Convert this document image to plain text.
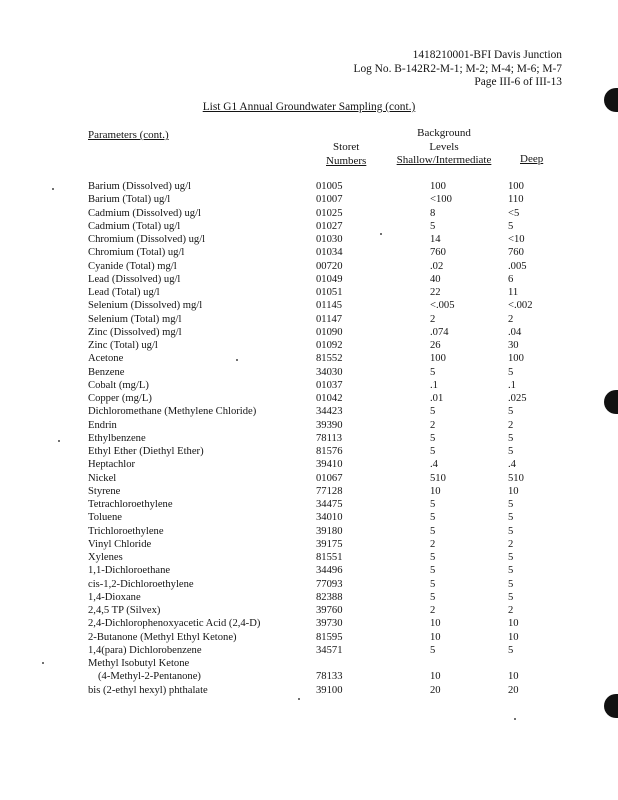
1418210001-BFI Davis Junction
Log No. B-142R2-M-1; M-2; M-4; M-6; M-7
Page III-6 of III-13
List G1 Annual Groundwater Sampling (cont.)
Parameters (cont.)
Storet
Numbers
Background
Levels
Shallow/Intermediate	Deep
Barium (Dissolved) ug/l	01005	100	100
Barium (Total) ug/l	01007	<100	110
Cadmium (Dissolved) ug/l	01025	8	<5
Cadmium (Total) ug/l	01027	5	5
Chromium (Dissolved) ug/l	01030	14	<10
Chromium (Total) ug/l	01034	760	760
Cyanide (Total) mg/l	00720	.02	.005
Lead (Dissolved) ug/l	01049	40	6
Lead (Total) ug/l	01051	22	11
Selenium (Dissolved) mg/l	01145	<.005	<.002
Selenium (Total) mg/l	01147	2	2
Zinc (Dissolved) mg/l	01090	.074	.04
Zinc (Total) ug/l	01092	26	30
Acetone	81552	100	100
Benzene	34030	5	5
Cobalt (mg/L)	01037	.1	.1
Copper (mg/L)	01042	.01	.025
Dichloromethane (Methylene Chloride)	34423	5	5
Endrin	39390	2	2
Ethylbenzene	78113	5	5
Ethyl Ether (Diethyl Ether)	81576	5	5
Heptachlor	39410	.4	.4
Nickel	01067	510	510
Styrene	77128	10	10
Tetrachloroethylene	34475	5	5
Toluene	34010	5	5
Trichloroethylene	39180	5	5
Vinyl Chloride	39175	2	2
Xylenes	81551	5	5
1,1-Dichloroethane	34496	5	5
cis-1,2-Dichloroethylene	77093	5	5
1,4-Dioxane	82388	5	5
2,4,5 TP (Silvex)	39760	2	2
2,4-Dichlorophenoxyacetic Acid (2,4-D)	39730	10	10
2-Butanone (Methyl Ethyl Ketone)	81595	10	10
1,4(para) Dichlorobenzene	34571	5	5
Methyl Isobutyl Ketone
(4-Methyl-2-Pentanone)	78133	10	10
bis (2-ethyl hexyl) phthalate	39100	20	20
